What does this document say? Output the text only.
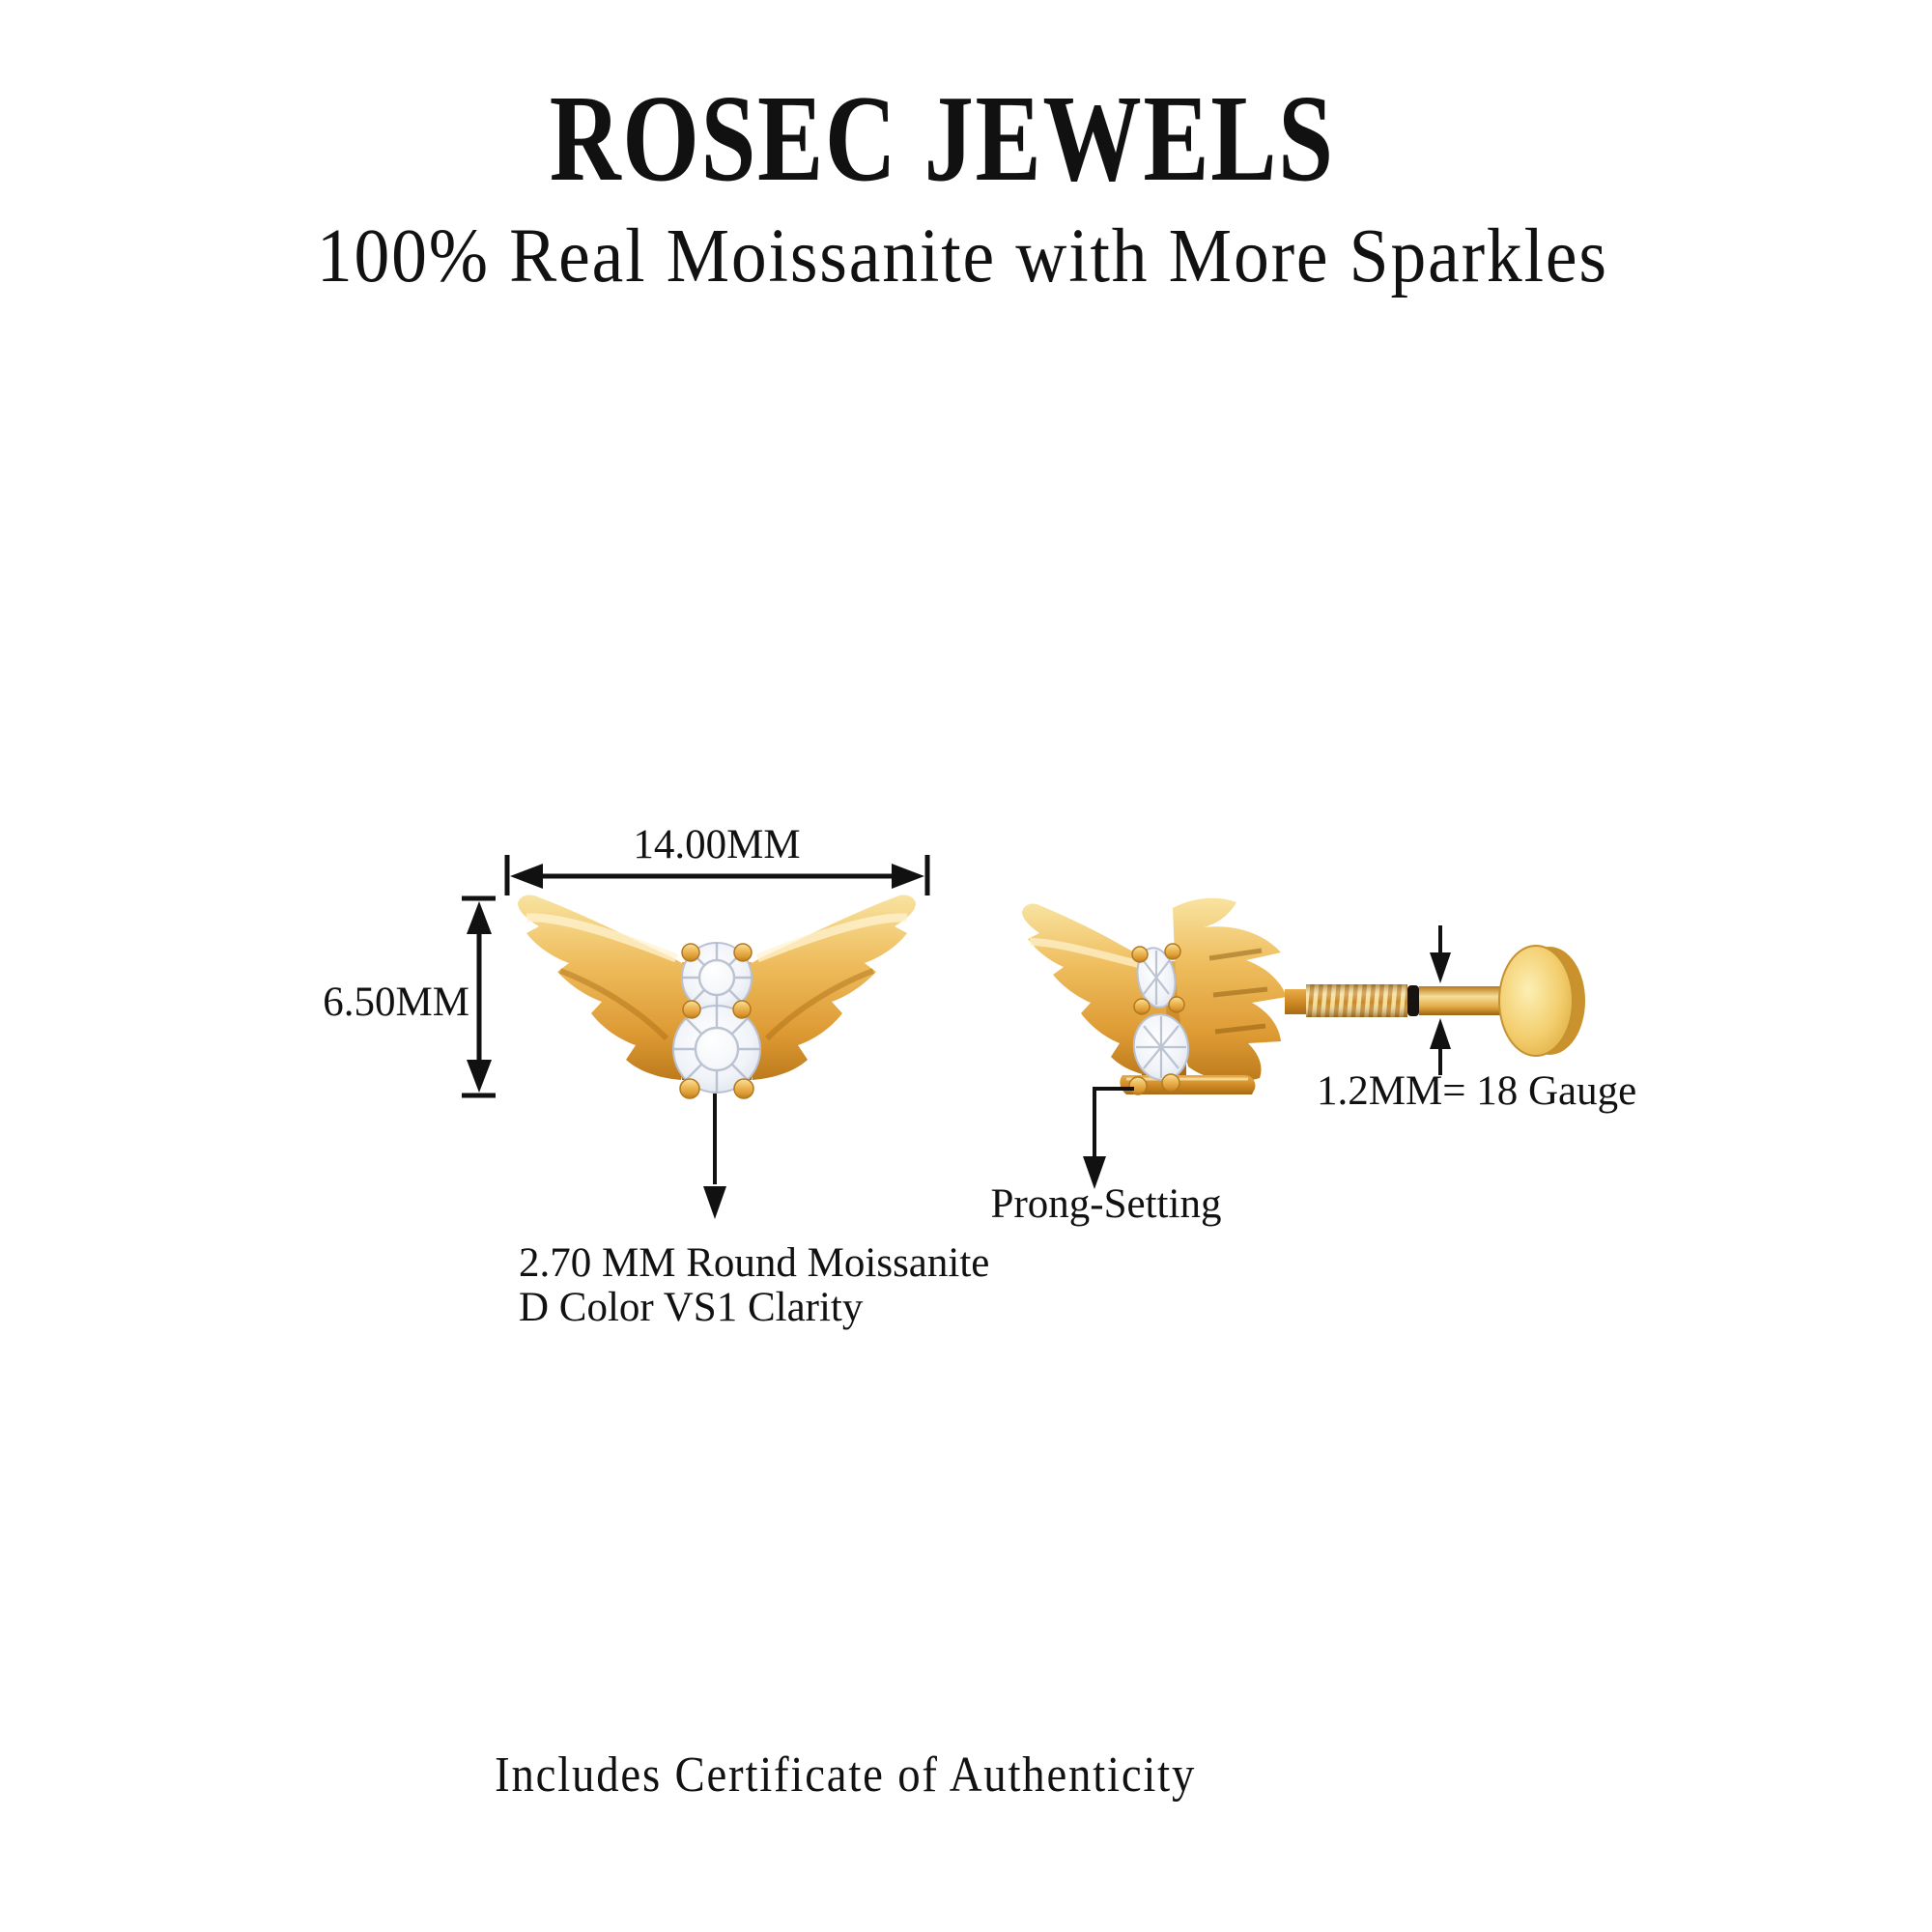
ROSEC JEWELS
100% Real Moissanite with More Sparkles
14.00MM
6.50MM
2.70 MM Round Moissanite
D Color VS1 Clarity
Prong-Setting
1.2MM= 18 Gauge
Includes Certificate of Authenticity
